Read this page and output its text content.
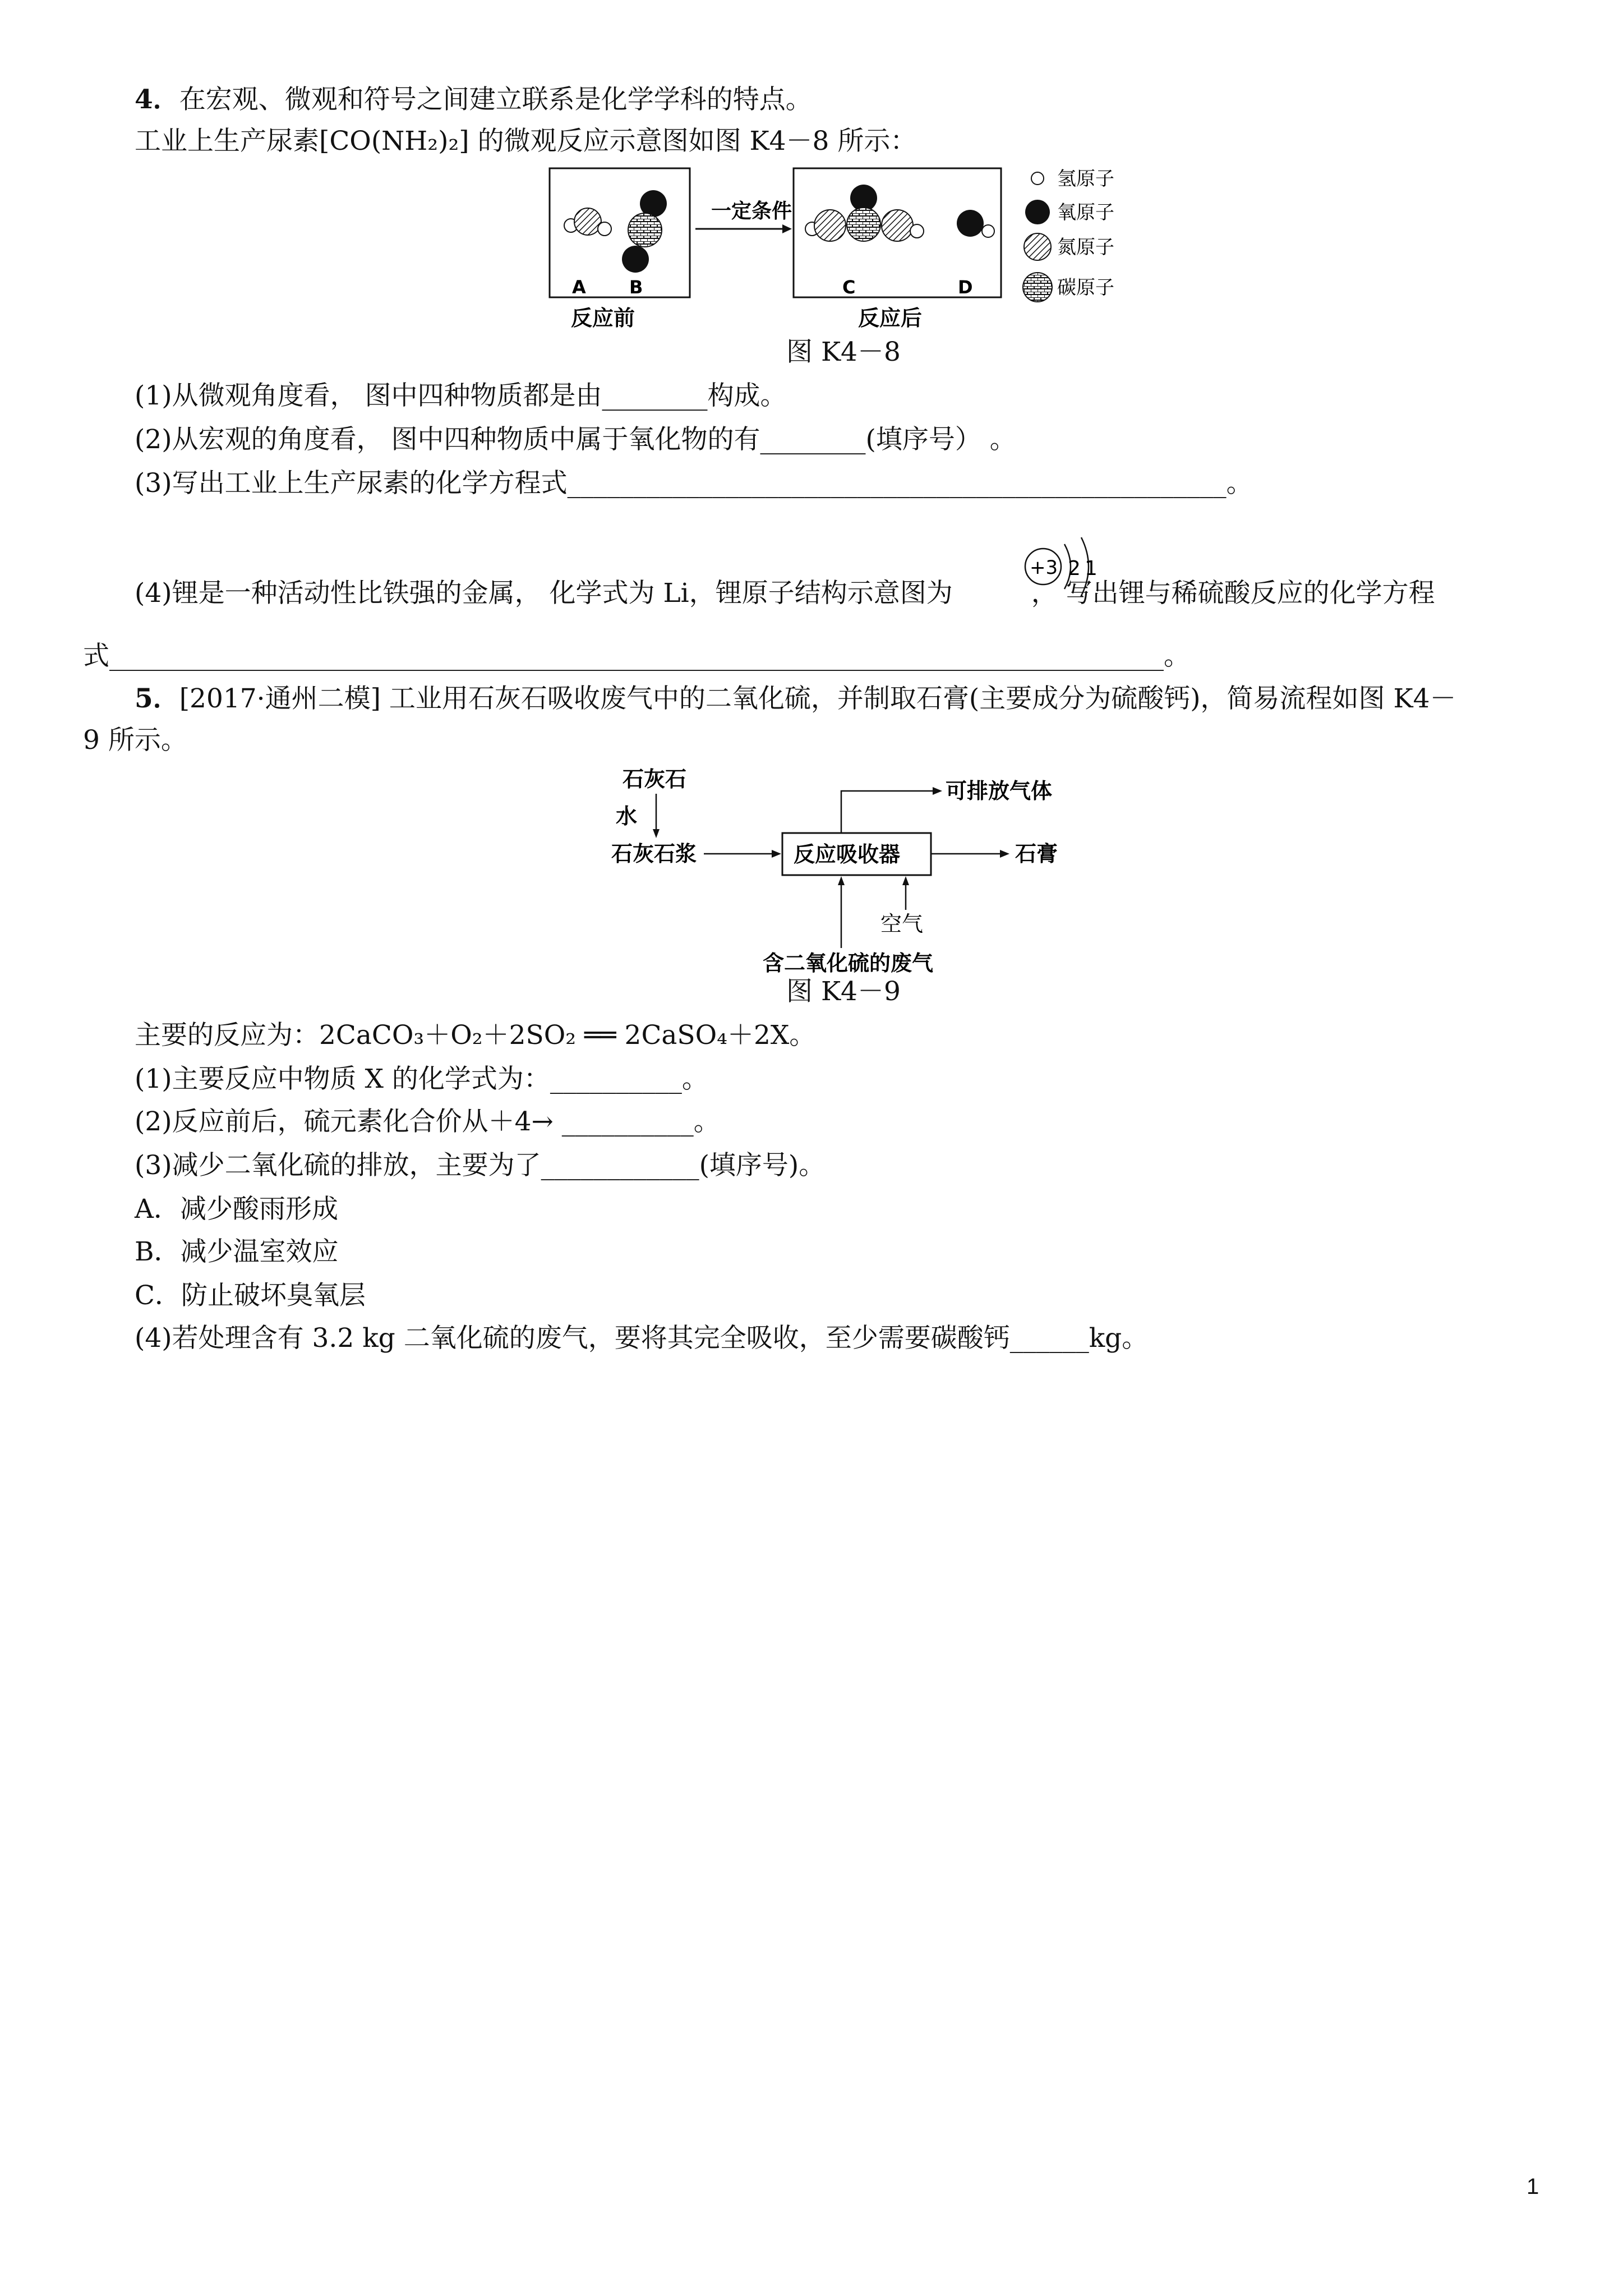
4．在宏观、微观和符号之间建立联系是化学学科的特点。
工业上生产尿素[CO(NH₂)₂] 的微观反应示意图如图 K4－8 所示：
A B
反应前
一定条件
C	D
反应后
氢原子
氧原子
氮原子
碳原子
图 K4－8
(1)从微观角度看， 图中四种物质都是由________构成。
(2)从宏观的角度看， 图中四种物质中属于氧化物的有________(填序号） 。
(3)写出工业上生产尿素的化学方程式__________________________________________________。
(4)锂是一种活动性比铁强的金属， 化学式为 Li，锂原子结构示意图为	， 写出锂与稀硫酸反应的化学方程
+3 2 1
式________________________________________________________________________________。
5．[2017·通州二模] 工业用石灰石吸收废气中的二氧化硫，并制取石膏(主要成分为硫酸钙)，简易流程如图 K4－
9 所示。
石灰石
水
石灰石浆	反应吸收器
可排放气体
石膏
空气
含二氧化硫的废气
图 K4－9
主要的反应为：2CaCO₃＋O₂＋2SO₂ ══ 2CaSO₄＋2X。
(1)主要反应中物质 X 的化学式为：__________。
(2)反应前后，硫元素化合价从＋4→ __________。
(3)减少二氧化硫的排放，主要为了____________(填序号)。
A．减少酸雨形成
B．减少温室效应
C．防止破坏臭氧层
(4)若处理含有 3.2 kg 二氧化硫的废气，要将其完全吸收，至少需要碳酸钙______kg。
1
